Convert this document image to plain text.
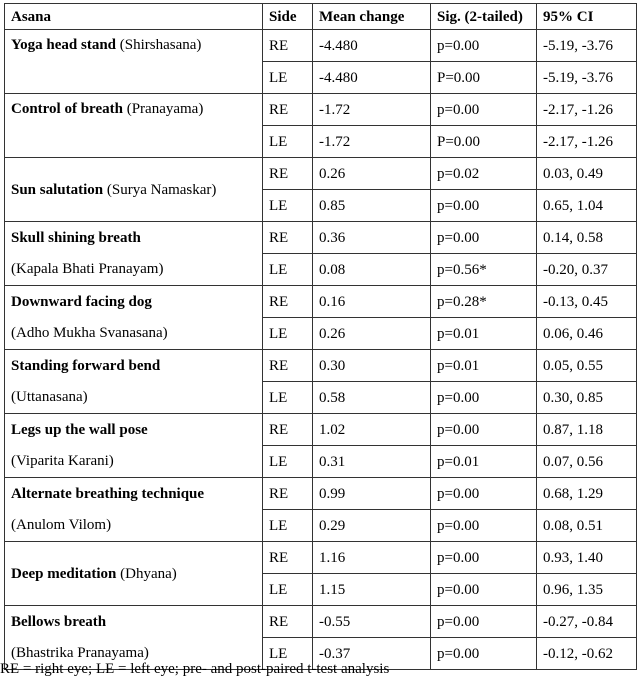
Asana	Side	Mean change	Sig. (2-tailed)	95% CI
Yoga head stand (Shirshasana)	RE	-4.480	p=0.00	-5.19, -3.76
	LE	-4.480	P=0.00	-5.19, -3.76
Control of breath (Pranayama)	RE	-1.72	p=0.00	-2.17, -1.26
	LE	-1.72	P=0.00	-2.17, -1.26
Sun salutation (Surya Namaskar)	RE	0.26	p=0.02	0.03, 0.49
	LE	0.85	p=0.00	0.65, 1.04

Skull shining breath
(Kapala Bhati Pranayam)	RE	0.36	p=0.00	0.14, 0.58
	LE	0.08	p=0.56*	-0.20, 0.37

Downward facing dog
(Adho Mukha Svanasana)	RE	0.16	p=0.28*	-0.13, 0.45
	LE	0.26	p=0.01	0.06, 0.46

Standing forward bend
(Uttanasana)	RE	0.30	p=0.01	0.05, 0.55
	LE	0.58	p=0.00	0.30, 0.85

Legs up the wall pose
(Viparita Karani)	RE	1.02	p=0.00	0.87, 1.18
	LE	0.31	p=0.01	0.07, 0.56

Alternate breathing technique
(Anulom Vilom)	RE	0.99	p=0.00	0.68, 1.29
	LE	0.29	p=0.00	0.08, 0.51
Deep meditation (Dhyana)	RE	1.16	p=0.00	0.93, 1.40
	LE	1.15	p=0.00	0.96, 1.35

Bellows breath
(Bhastrika Pranayama)	RE	-0.55	p=0.00	-0.27, -0.84
	LE	-0.37	p=0.00	-0.12, -0.62

RE = right eye; LE = left eye; pre- and post-paired t-test analysis
